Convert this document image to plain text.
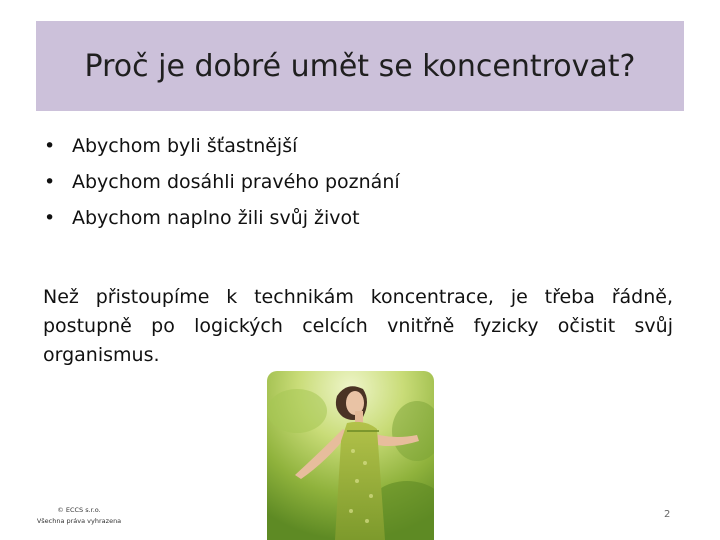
Proč je dobré umět se koncentrovat?
• Abychom byli šťastnější
• Abychom dosáhli pravého poznání
• Abychom naplno žili svůj život

Než přistoupíme k technikám koncentrace, je třeba řádně, postupně po logických celcích vnitřně fyzicky očistit svůj organismus.

© ECCS s.r.o.
Všechna práva vyhrazena
2
